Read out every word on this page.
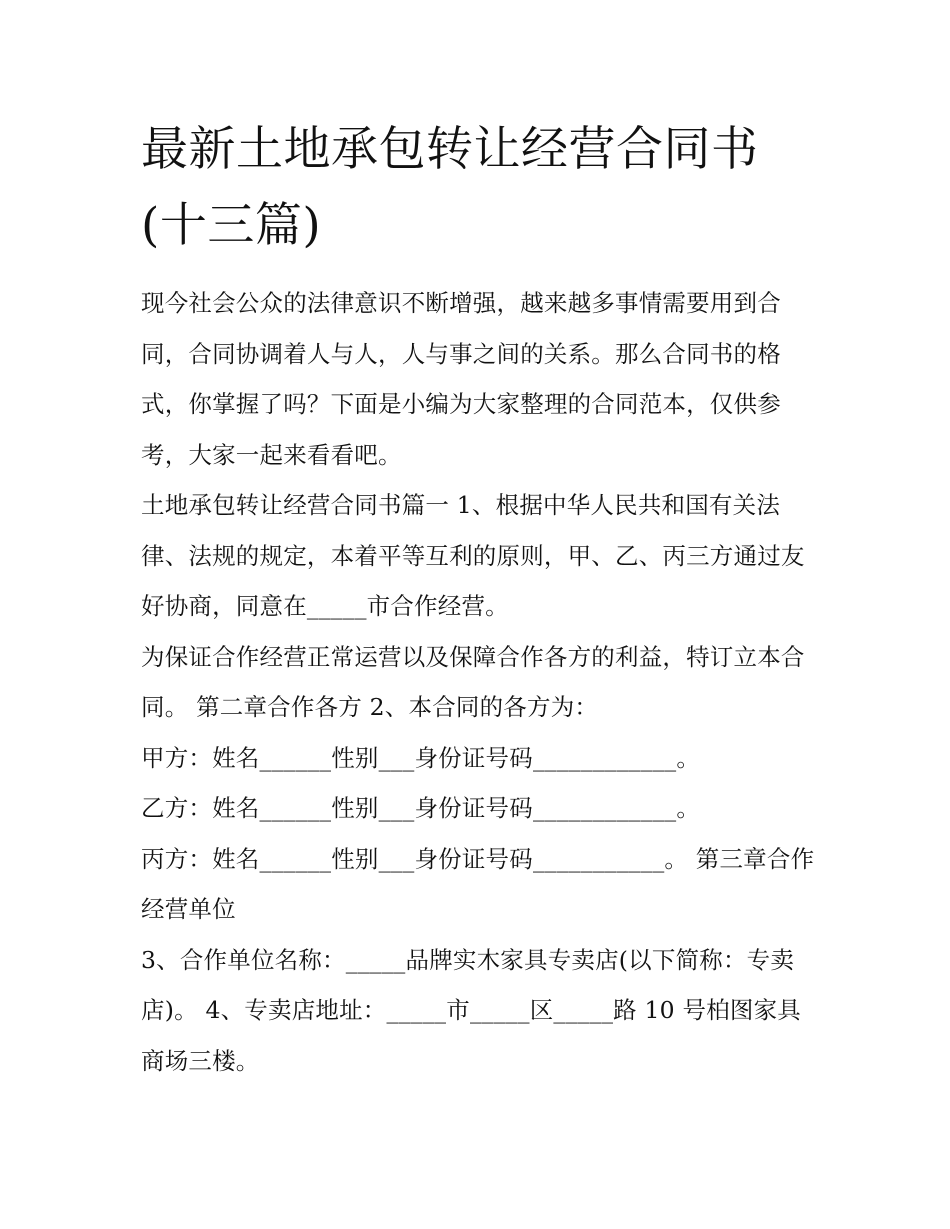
最新土地承包转让经营合同书(十三篇)

现今社会公众的法律意识不断增强，越来越多事情需要用到合同，合同协调着人与人，人与事之间的关系。那么合同书的格式，你掌握了吗？下面是小编为大家整理的合同范本，仅供参考，大家一起来看看吧。

土地承包转让经营合同书篇一 1、根据中华人民共和国有关法律、法规的规定，本着平等互利的原则，甲、乙、丙三方通过友好协商，同意在_____市合作经营。

为保证合作经营正常运营以及保障合作各方的利益，特订立本合同。 第二章合作各方 2、本合同的各方为：

甲方：姓名______性别___身份证号码____________。

乙方：姓名______性别___身份证号码____________。

丙方：姓名______性别___身份证号码___________。 第三章合作经营单位

3、合作单位名称：_____品牌实木家具专卖店(以下简称：专卖店)。 4、专卖店地址：_____市_____区_____路 10 号柏图家具商场三楼。
